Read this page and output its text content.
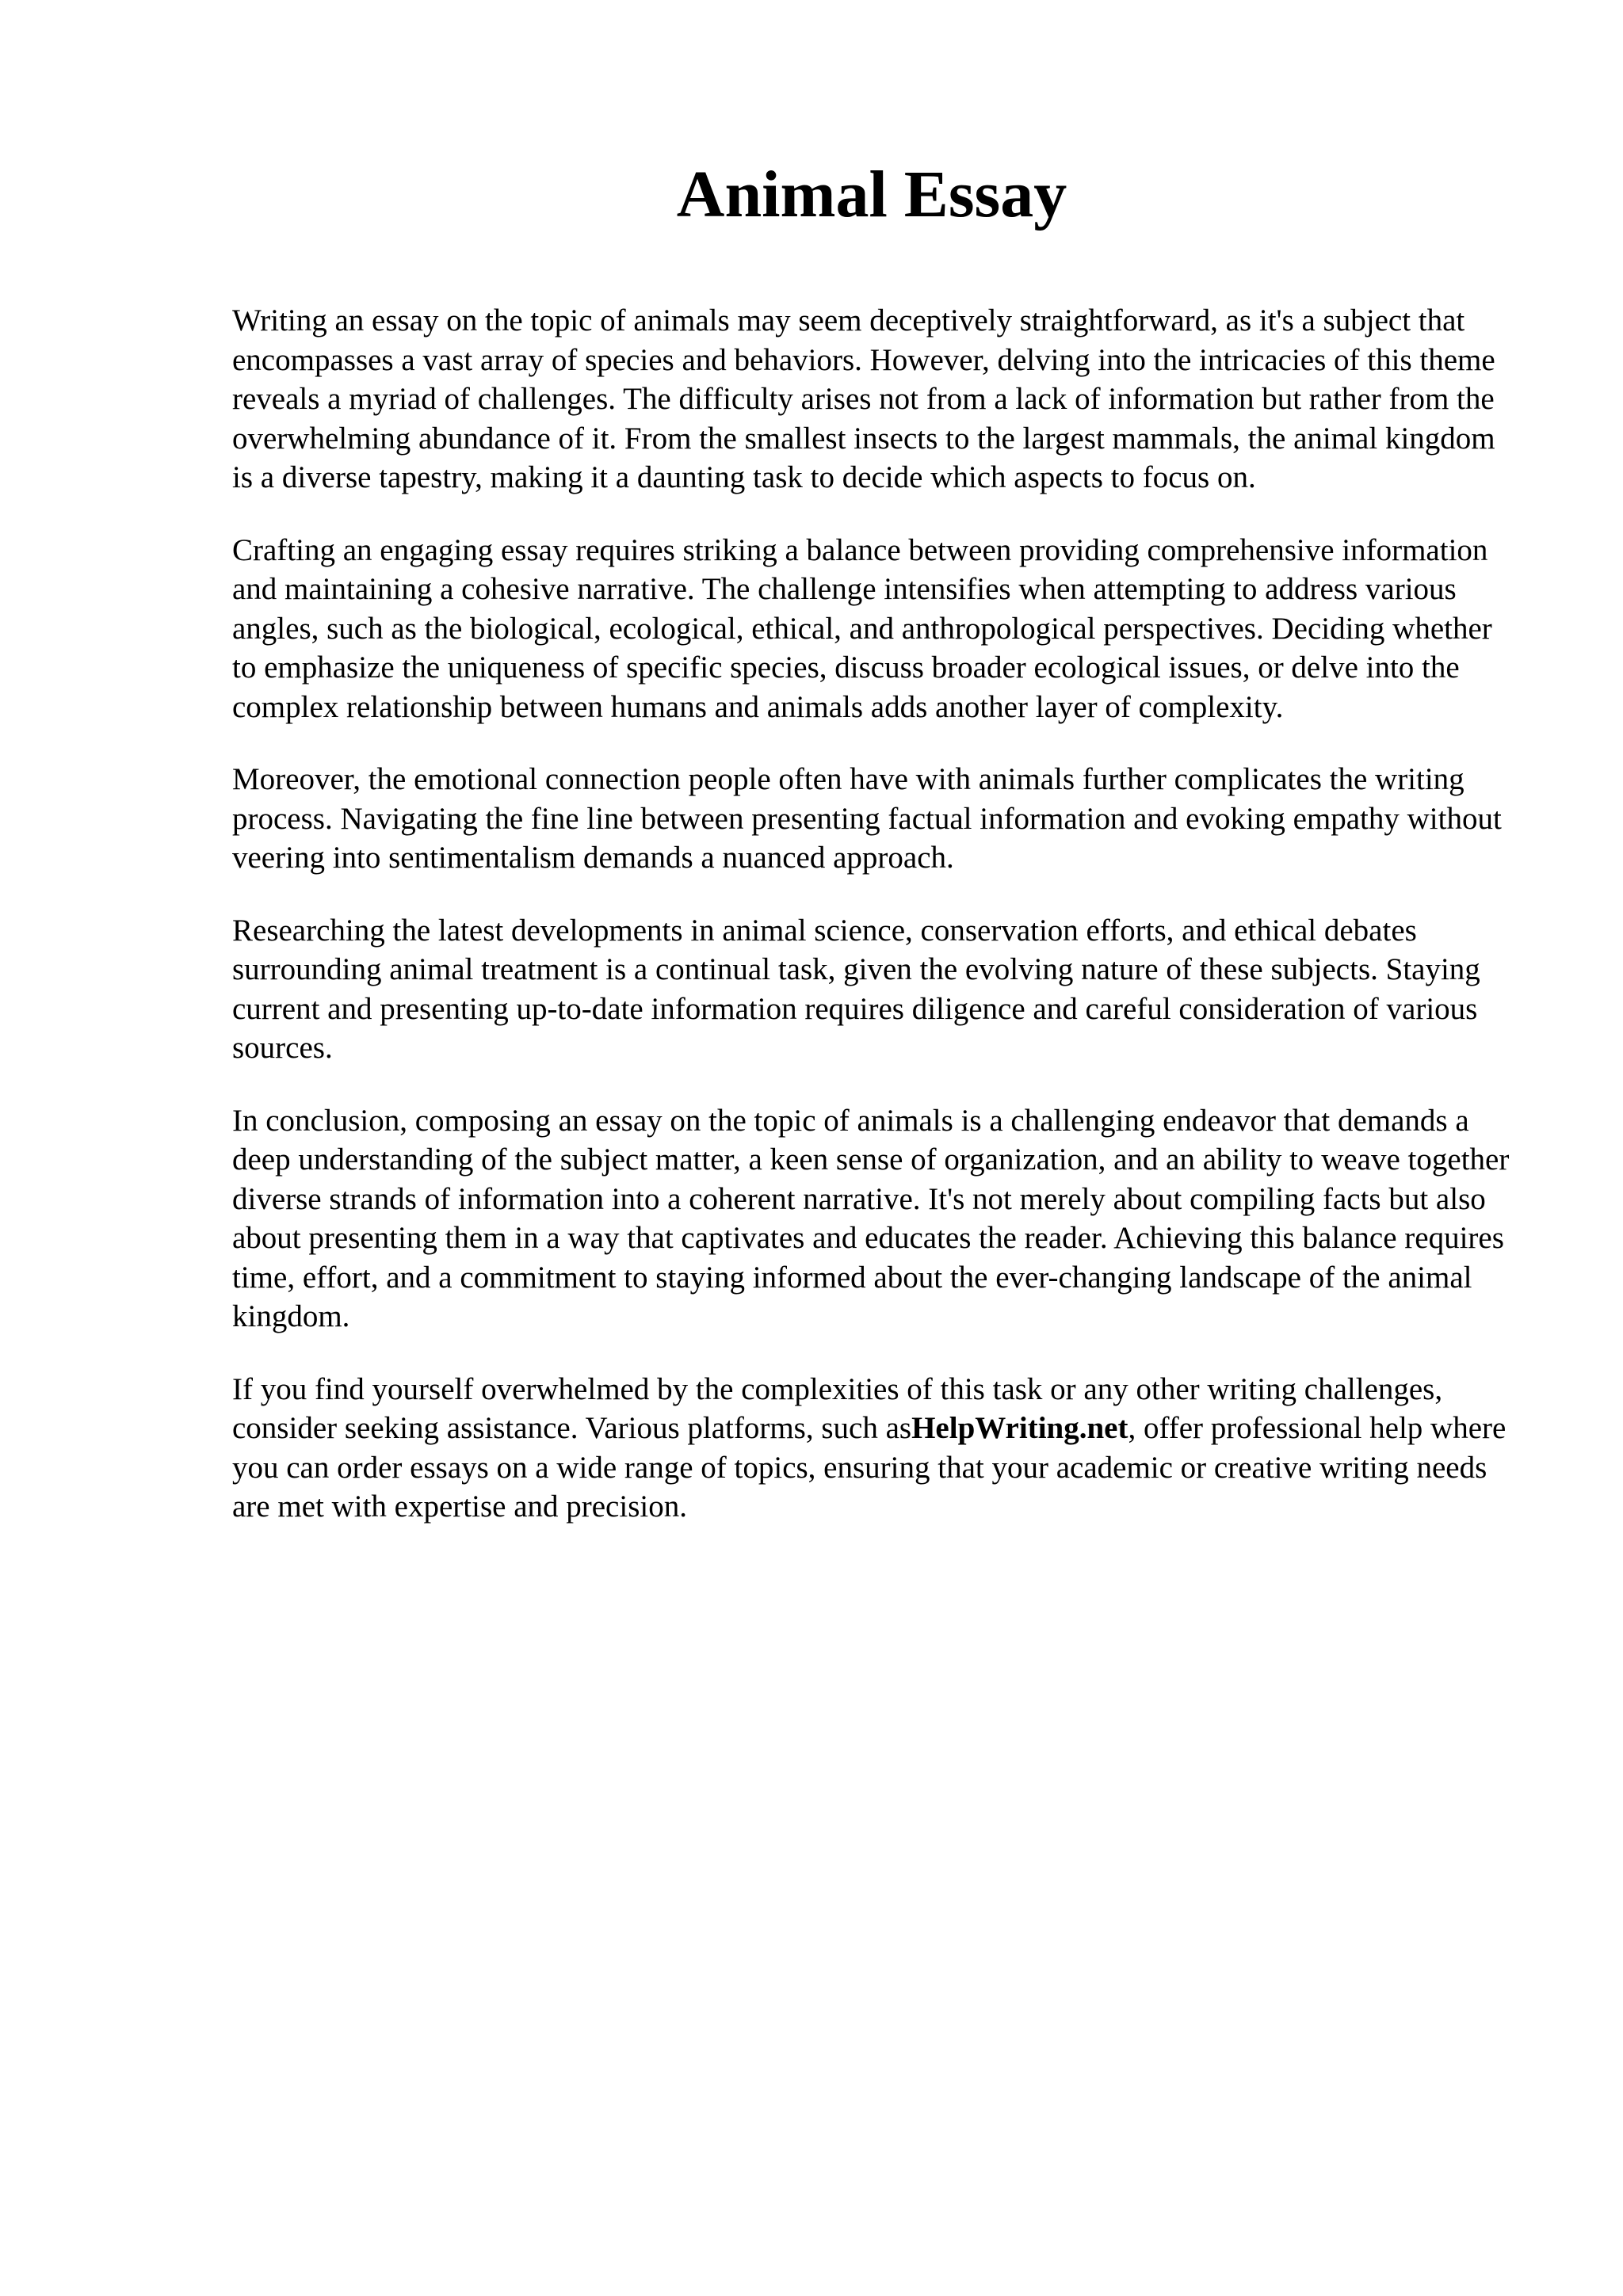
Animal Essay

Writing an essay on the topic of animals may seem deceptively straightforward, as it's a subject that encompasses a vast array of species and behaviors. However, delving into the intricacies of this theme reveals a myriad of challenges. The difficulty arises not from a lack of information but rather from the overwhelming abundance of it. From the smallest insects to the largest mammals, the animal kingdom is a diverse tapestry, making it a daunting task to decide which aspects to focus on.

Crafting an engaging essay requires striking a balance between providing comprehensive information and maintaining a cohesive narrative. The challenge intensifies when attempting to address various angles, such as the biological, ecological, ethical, and anthropological perspectives. Deciding whether to emphasize the uniqueness of specific species, discuss broader ecological issues, or delve into the complex relationship between humans and animals adds another layer of complexity.

Moreover, the emotional connection people often have with animals further complicates the writing process. Navigating the fine line between presenting factual information and evoking empathy without veering into sentimentalism demands a nuanced approach.

Researching the latest developments in animal science, conservation efforts, and ethical debates surrounding animal treatment is a continual task, given the evolving nature of these subjects. Staying current and presenting up-to-date information requires diligence and careful consideration of various sources.

In conclusion, composing an essay on the topic of animals is a challenging endeavor that demands a deep understanding of the subject matter, a keen sense of organization, and an ability to weave together diverse strands of information into a coherent narrative. It's not merely about compiling facts but also about presenting them in a way that captivates and educates the reader. Achieving this balance requires time, effort, and a commitment to staying informed about the ever-changing landscape of the animal kingdom.

If you find yourself overwhelmed by the complexities of this task or any other writing challenges, consider seeking assistance. Various platforms, such asHelpWriting.net, offer professional help where you can order essays on a wide range of topics, ensuring that your academic or creative writing needs are met with expertise and precision.
